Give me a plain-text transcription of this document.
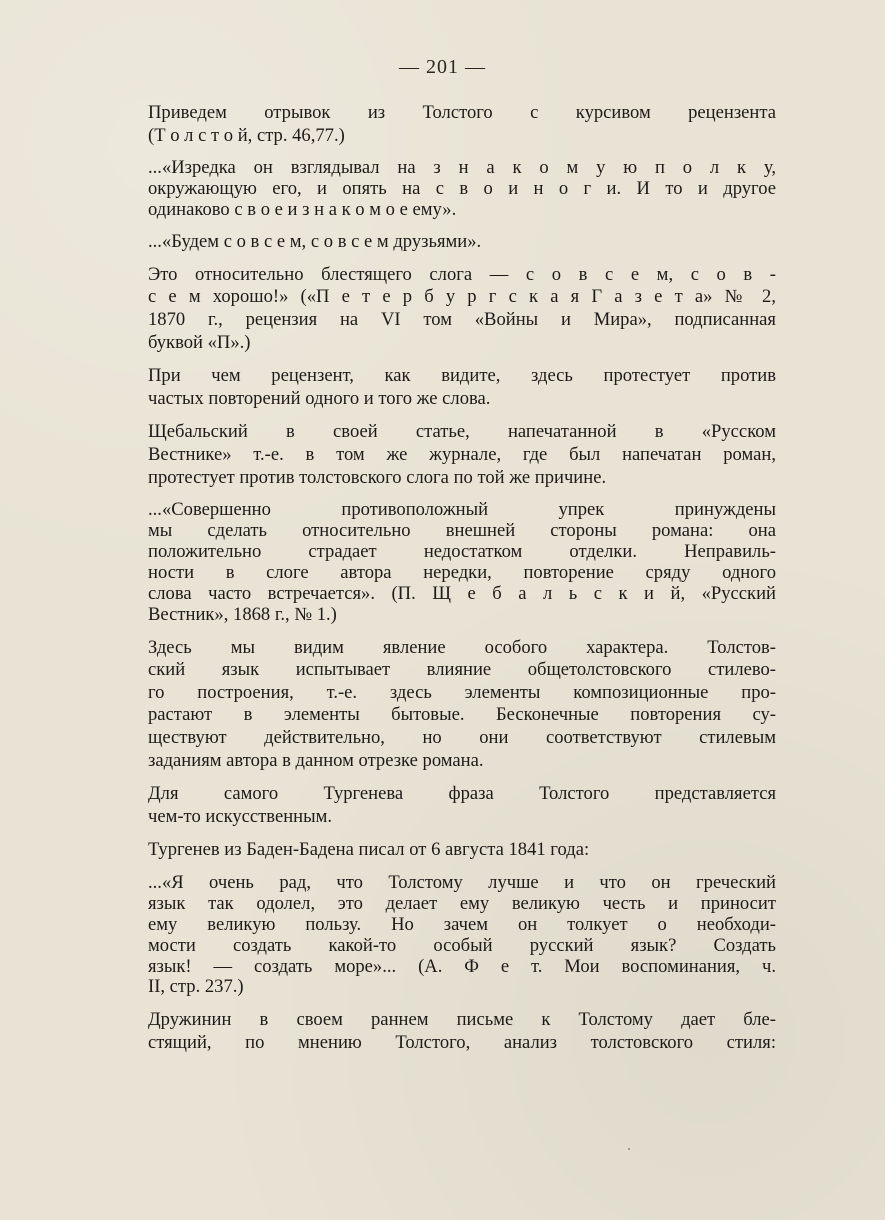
— 201 —
Приведем отрывок из Толстого с курсивом рецензента
(Т о л с т о й, стр. 46,77.)
...«Изредка он взглядывал на з н а к о м у ю п о л к у,
окружающую его, и опять на с в о и н о г и. И то и другое
одинаково с в о е и з н а к о м о е ему».
...«Будем с о в с е м, с о в с е м друзьями».
Это относительно блестящего слога — с о в с е м, с о в -
с е м хорошо!» («П е т е р б у р г с к а я Г а з е т а» № 2,
1870 г., рецензия на VI том «Войны и Мира», подписанная
буквой «П».)
При чем рецензент, как видите, здесь протестует против
частых повторений одного и того же слова.
Щебальский в своей статье, напечатанной в «Русском
Вестнике» т.-е. в том же журнале, где был напечатан роман,
протестует против толстовского слога по той же причине.
...«Совершенно противоположный упрек принуждены
мы сделать относительно внешней стороны романа: она
положительно страдает недостатком отделки. Неправиль-
ности в слоге автора нередки, повторение сряду одного
слова часто встречается». (П. Щ е б а л ь с к и й, «Русский
Вестник», 1868 г., № 1.)
Здесь мы видим явление особого характера. Толстов-
ский язык испытывает влияние общетолстовского стилево-
го построения, т.-е. здесь элементы композиционные про-
растают в элементы бытовые. Бесконечные повторения су-
ществуют действительно, но они соответствуют стилевым
заданиям автора в данном отрезке романа.
Для самого Тургенева фраза Толстого представляется
чем-то искусственным.
Тургенев из Баден-Бадена писал от 6 августа 1841 года:
...«Я очень рад, что Толстому лучше и что он греческий
язык так одолел, это делает ему великую честь и приносит
ему великую пользу. Но зачем он толкует о необходи-
мости создать какой-то особый русский язык? Создать
язык! — создать море»... (А. Ф е т. Мои воспоминания, ч.
II, стр. 237.)
Дружинин в своем раннем письме к Толстому дает бле-
стящий, по мнению Толстого, анализ толстовского стиля:
